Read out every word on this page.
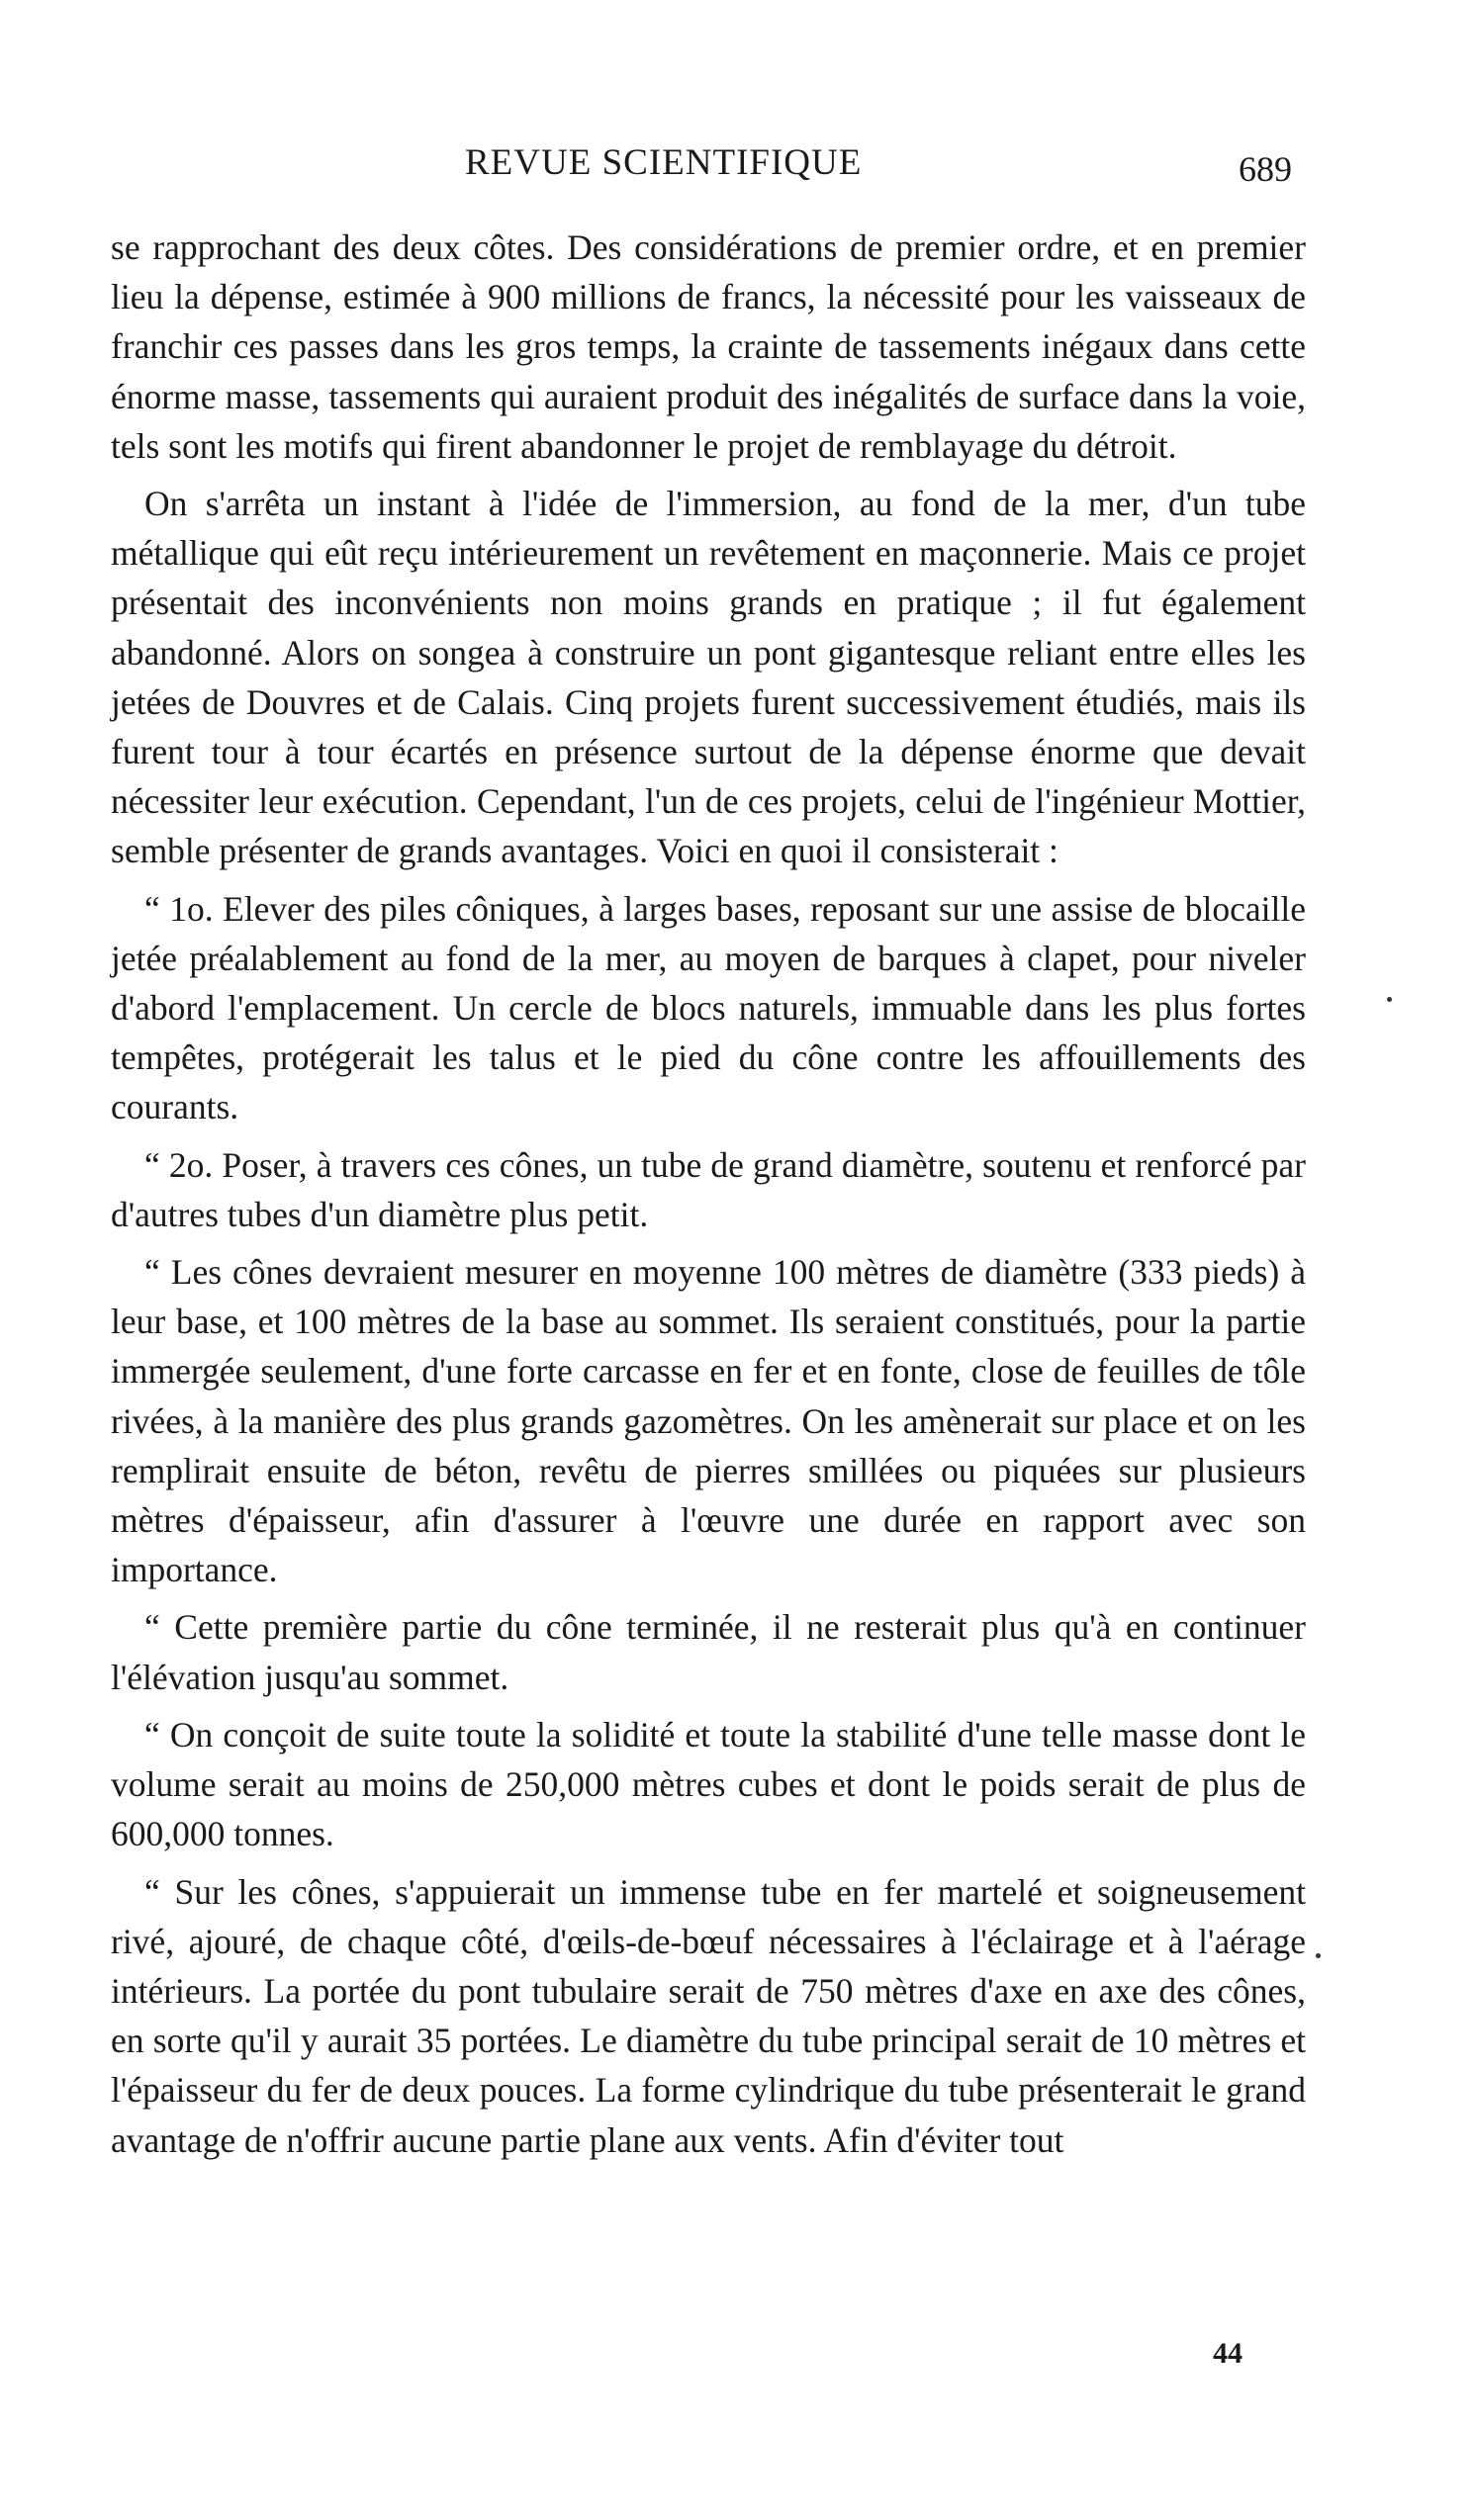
REVUE SCIENTIFIQUE	689

se rapprochant des deux côtes. Des considérations de premier ordre, et en premier lieu la dépense, estimée à 900 millions de francs, la nécessité pour les vaisseaux de franchir ces passes dans les gros temps, la crainte de tassements inégaux dans cette énorme masse, tassements qui auraient produit des inégalités de surface dans la voie, tels sont les motifs qui firent abandonner le projet de remblayage du détroit.

On s'arrêta un instant à l'idée de l'immersion, au fond de la mer, d'un tube métallique qui eût reçu intérieurement un revêtement en maçonnerie. Mais ce projet présentait des inconvénients non moins grands en pratique ; il fut également abandonné. Alors on songea à construire un pont gigantesque reliant entre elles les jetées de Douvres et de Calais. Cinq projets furent successivement étudiés, mais ils furent tour à tour écartés en présence surtout de la dépense énorme que devait nécessiter leur exécution. Cependant, l'un de ces projets, celui de l'ingénieur Mottier, semble présenter de grands avantages. Voici en quoi il consisterait :

“ 1o. Elever des piles côniques, à larges bases, reposant sur une assise de blocaille jetée préalablement au fond de la mer, au moyen de barques à clapet, pour niveler d'abord l'emplacement. Un cercle de blocs naturels, immuable dans les plus fortes tempêtes, protégerait les talus et le pied du cône contre les affouillements des courants.

“ 2o. Poser, à travers ces cônes, un tube de grand diamètre, soutenu et renforcé par d'autres tubes d'un diamètre plus petit.

“ Les cônes devraient mesurer en moyenne 100 mètres de diamètre (333 pieds) à leur base, et 100 mètres de la base au sommet. Ils seraient constitués, pour la partie immergée seulement, d'une forte carcasse en fer et en fonte, close de feuilles de tôle rivées, à la manière des plus grands gazomètres. On les amènerait sur place et on les remplirait ensuite de béton, revêtu de pierres smillées ou piquées sur plusieurs mètres d'épaisseur, afin d'assurer à l'œuvre une durée en rapport avec son importance.

“ Cette première partie du cône terminée, il ne resterait plus qu'à en continuer l'élévation jusqu'au sommet.

“ On conçoit de suite toute la solidité et toute la stabilité d'une telle masse dont le volume serait au moins de 250,000 mètres cubes et dont le poids serait de plus de 600,000 tonnes.

“ Sur les cônes, s'appuierait un immense tube en fer martelé et soigneusement rivé, ajouré, de chaque côté, d'œils-de-bœuf nécessaires à l'éclairage et à l'aérage intérieurs. La portée du pont tubulaire serait de 750 mètres d'axe en axe des cônes, en sorte qu'il y aurait 35 portées. Le diamètre du tube principal serait de 10 mètres et l'épaisseur du fer de deux pouces. La forme cylindrique du tube présenterait le grand avantage de n'offrir aucune partie plane aux vents. Afin d'éviter tout

44
